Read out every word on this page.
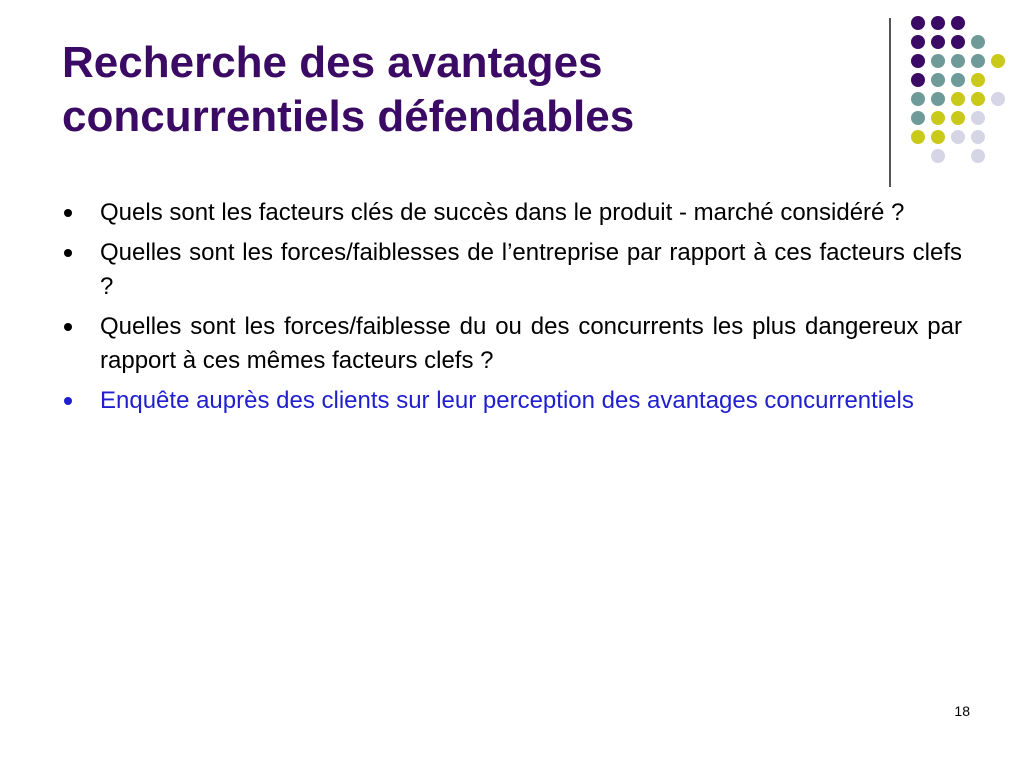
Recherche des avantages
concurrentiels défendables
Quels sont les facteurs clés de succès dans le produit - marché considéré ?
Quelles sont les forces/faiblesses de l’entreprise par rapport à ces facteurs clefs ?
Quelles sont les forces/faiblesse du ou des concurrents les plus dangereux par rapport à ces mêmes facteurs clefs ?
Enquête auprès des clients sur leur perception des avantages concurrentiels
18
